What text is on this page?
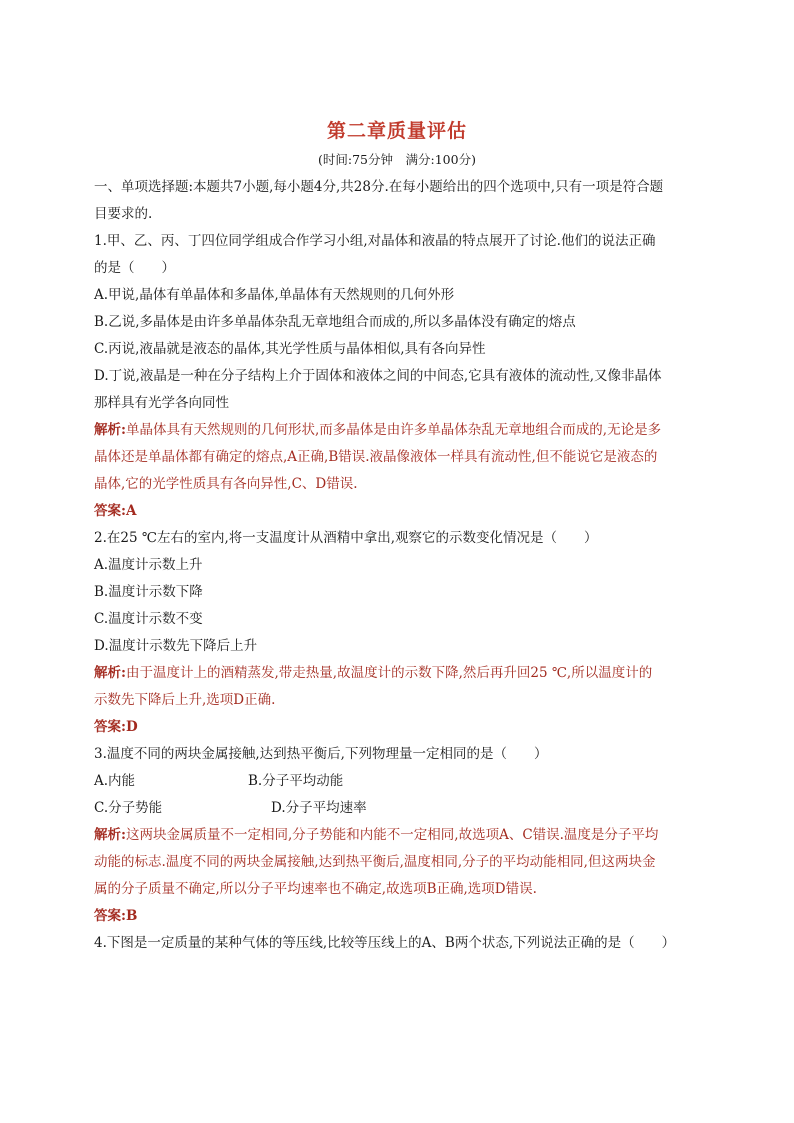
第二章质量评估
(时间:75分钟　满分:100分)
一、单项选择题:本题共7小题,每小题4分,共28分.在每小题给出的四个选项中,只有一项是符合题
目要求的.
1.甲、乙、丙、丁四位同学组成合作学习小组,对晶体和液晶的特点展开了讨论.他们的说法正确
的是（　　）
A.甲说,晶体有单晶体和多晶体,单晶体有天然规则的几何外形
B.乙说,多晶体是由许多单晶体杂乱无章地组合而成的,所以多晶体没有确定的熔点
C.丙说,液晶就是液态的晶体,其光学性质与晶体相似,具有各向异性
D.丁说,液晶是一种在分子结构上介于固体和液体之间的中间态,它具有液体的流动性,又像非晶体
那样具有光学各向同性
解析:单晶体具有天然规则的几何形状,而多晶体是由许多单晶体杂乱无章地组合而成的,无论是多
晶体还是单晶体都有确定的熔点,A正确,B错误.液晶像液体一样具有流动性,但不能说它是液态的
晶体,它的光学性质具有各向异性,C、D错误.
答案:A
2.在25 ℃左右的室内,将一支温度计从酒精中拿出,观察它的示数变化情况是（　　）
A.温度计示数上升
B.温度计示数下降
C.温度计示数不变
D.温度计示数先下降后上升
解析:由于温度计上的酒精蒸发,带走热量,故温度计的示数下降,然后再升回25 ℃,所以温度计的
示数先下降后上升,选项D正确.
答案:D
3.温度不同的两块金属接触,达到热平衡后,下列物理量一定相同的是（　　）
A.内能	B.分子平均动能
C.分子势能	D.分子平均速率
解析:这两块金属质量不一定相同,分子势能和内能不一定相同,故选项A、C错误.温度是分子平均
动能的标志.温度不同的两块金属接触,达到热平衡后,温度相同,分子的平均动能相同,但这两块金
属的分子质量不确定,所以分子平均速率也不确定,故选项B正确,选项D错误.
答案:B
4.下图是一定质量的某种气体的等压线,比较等压线上的A、B两个状态,下列说法正确的是（　　）
